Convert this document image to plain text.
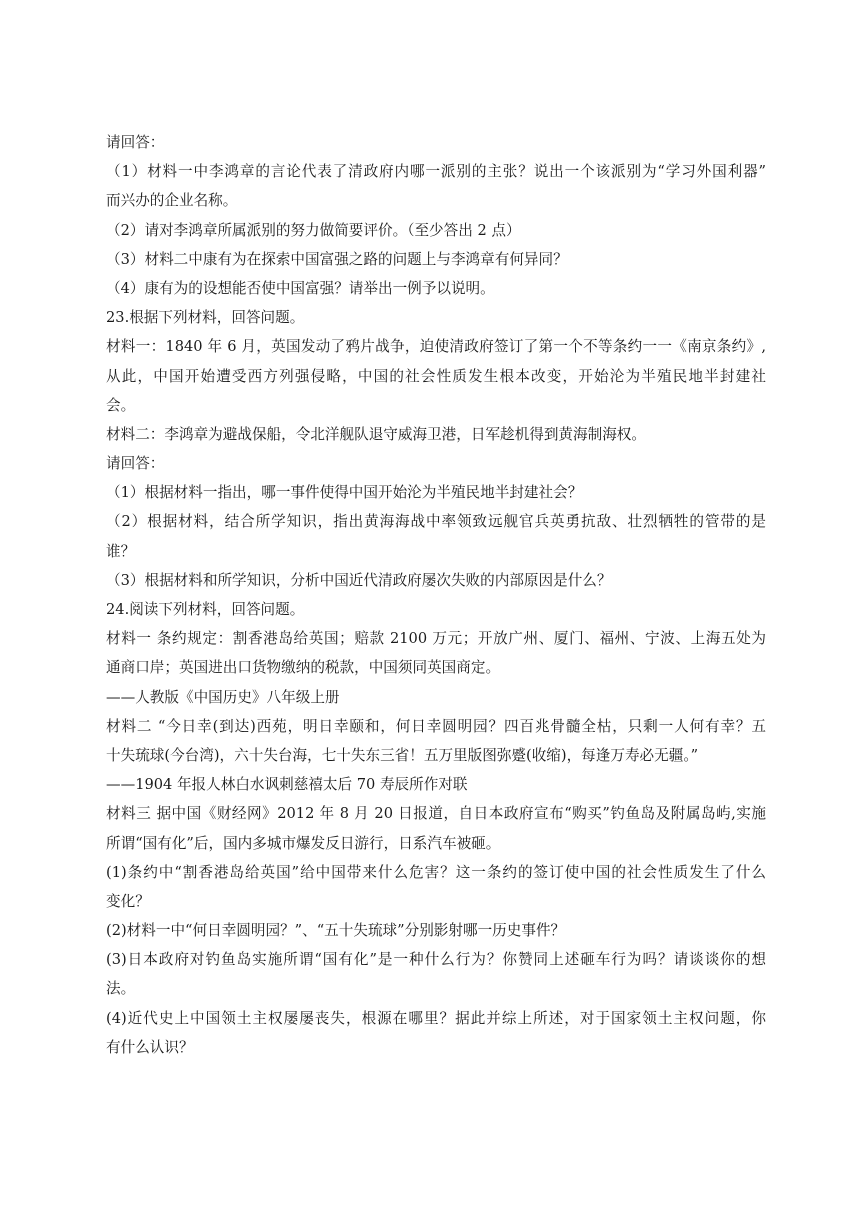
请回答：
（1）材料一中李鸿章的言论代表了清政府内哪一派别的主张？说出一个该派别为“学习外国利器”
而兴办的企业名称。
（2）请对李鸿章所属派别的努力做简要评价。（至少答出 2 点）
（3）材料二中康有为在探索中国富强之路的问题上与李鸿章有何异同？
（4）康有为的设想能否使中国富强？请举出一例予以说明。
23.根据下列材料，回答问题。
材料一：1840 年 6 月，英国发动了鸦片战争，迫使清政府签订了第一个不等条约一一《南京条约》,
从此，中国开始遭受西方列强侵略，中国的社会性质发生根本改变，开始沦为半殖民地半封建社
会。
材料二：李鸿章为避战保船，令北洋舰队退守威海卫港，日军趁机得到黄海制海权。
请回答：
（1）根据材料一指出，哪一事件使得中国开始沦为半殖民地半封建社会？
（2）根据材料，结合所学知识，指出黄海海战中率领致远舰官兵英勇抗敌、壮烈牺牲的管带的是
谁？
（3）根据材料和所学知识，分析中国近代清政府屡次失败的内部原因是什么？
24.阅读下列材料，回答问题。
材料一 条约规定：割香港岛给英国；赔款 2100 万元；开放广州、厦门、福州、宁波、上海五处为
通商口岸；英国进出口货物缴纳的税款，中国须同英国商定。
——人教版《中国历史》八年级上册
材料二 “今日幸(到达)西苑，明日幸颐和，何日幸圆明园？四百兆骨髓全枯，只剩一人何有幸？五
十失琉球(今台湾)，六十失台海，七十失东三省！五万里版图弥蹙(收缩)，每逢万寿必无疆。”
——1904 年报人林白水讽刺慈禧太后 70 寿辰所作对联
材料三 据中国《财经网》2012 年 8 月 20 日报道，自日本政府宣布“购买”钓鱼岛及附属岛屿,实施
所谓“国有化”后，国内多城市爆发反日游行，日系汽车被砸。
(1)条约中“割香港岛给英国”给中国带来什么危害？这一条约的签订使中国的社会性质发生了什么
变化？
(2)材料一中“何日幸圆明园？”、“五十失琉球”分别影射哪一历史事件？
(3)日本政府对钓鱼岛实施所谓“国有化”是一种什么行为？你赞同上述砸车行为吗？请谈谈你的想
法。
(4)近代史上中国领土主权屡屡丧失，根源在哪里？据此并综上所述，对于国家领土主权问题，你
有什么认识？
